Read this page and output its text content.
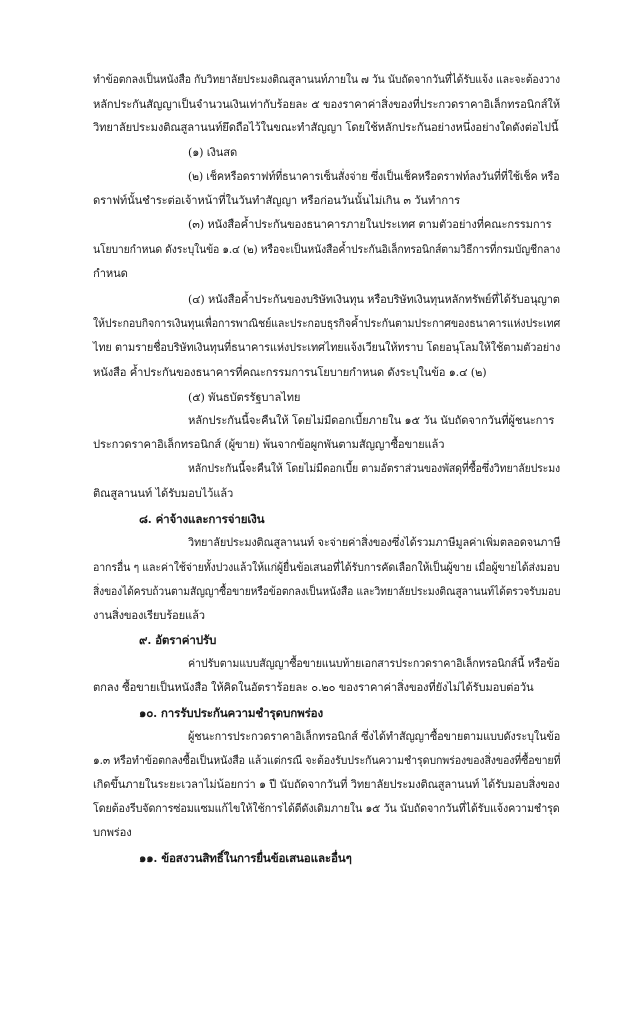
ทำข้อตกลงเป็นหนังสือ กับวิทยาลัยประมงติณสูลานนท์ภายใน ๗ วัน นับถัดจากวันที่ได้รับแจ้ง และจะต้องวาง
หลักประกันสัญญาเป็นจำนวนเงินเท่ากับร้อยละ ๕ ของราคาค่าสิ่งของที่ประกวดราคาอิเล็กทรอนิกส์ให้
วิทยาลัยประมงติณสูลานนท์ยึดถือไว้ในขณะทำสัญญา โดยใช้หลักประกันอย่างหนึ่งอย่างใดดังต่อไปนี้
(๑) เงินสด
(๒) เช็คหรือดราฟท์ที่ธนาคารเซ็นสั่งจ่าย ซึ่งเป็นเช็คหรือดราฟท์ลงวันที่ที่ใช้เช็ค หรือ
ดราฟท์นั้นชำระต่อเจ้าหน้าที่ในวันทำสัญญา หรือก่อนวันนั้นไม่เกิน ๓ วันทำการ
(๓) หนังสือค้ำประกันของธนาคารภายในประเทศ ตามตัวอย่างที่คณะกรรมการ
นโยบายกำหนด ดังระบุในข้อ ๑.๔ (๒) หรือจะเป็นหนังสือค้ำประกันอิเล็กทรอนิกส์ตามวิธีการที่กรมบัญชีกลาง
กำหนด
(๔) หนังสือค้ำประกันของบริษัทเงินทุน หรือบริษัทเงินทุนหลักทรัพย์ที่ได้รับอนุญาต
ให้ประกอบกิจการเงินทุนเพื่อการพาณิชย์และประกอบธุรกิจค้ำประกันตามประกาศของธนาคารแห่งประเทศ
ไทย ตามรายชื่อบริษัทเงินทุนที่ธนาคารแห่งประเทศไทยแจ้งเวียนให้ทราบ โดยอนุโลมให้ใช้ตามตัวอย่าง
หนังสือ ค้ำประกันของธนาคารที่คณะกรรมการนโยบายกำหนด ดังระบุในข้อ ๑.๔ (๒)
(๕) พันธบัตรรัฐบาลไทย
หลักประกันนี้จะคืนให้ โดยไม่มีดอกเบี้ยภายใน ๑๕ วัน นับถัดจากวันที่ผู้ชนะการ
ประกวดราคาอิเล็กทรอนิกส์ (ผู้ขาย) พ้นจากข้อผูกพันตามสัญญาซื้อขายแล้ว
หลักประกันนี้จะคืนให้ โดยไม่มีดอกเบี้ย ตามอัตราส่วนของพัสดุที่ซื้อซึ่งวิทยาลัยประมง
ติณสูลานนท์ ได้รับมอบไว้แล้ว
๘. ค่าจ้างและการจ่ายเงิน
วิทยาลัยประมงติณสูลานนท์ จะจ่ายค่าสิ่งของซึ่งได้รวมภาษีมูลค่าเพิ่มตลอดจนภาษี
อากรอื่น ๆ และค่าใช้จ่ายทั้งปวงแล้วให้แก่ผู้ยื่นข้อเสนอที่ได้รับการคัดเลือกให้เป็นผู้ขาย เมื่อผู้ขายได้ส่งมอบ
สิ่งของได้ครบถ้วนตามสัญญาซื้อขายหรือข้อตกลงเป็นหนังสือ และวิทยาลัยประมงติณสูลานนท์ได้ตรวจรับมอบ
งานสิ่งของเรียบร้อยแล้ว
๙. อัตราค่าปรับ
ค่าปรับตามแบบสัญญาซื้อขายแนบท้ายเอกสารประกวดราคาอิเล็กทรอนิกส์นี้ หรือข้อ
ตกลง ซื้อขายเป็นหนังสือ ให้คิดในอัตราร้อยละ ๐.๒๐ ของราคาค่าสิ่งของที่ยังไม่ได้รับมอบต่อวัน
๑๐. การรับประกันความชำรุดบกพร่อง
ผู้ชนะการประกวดราคาอิเล็กทรอนิกส์ ซึ่งได้ทำสัญญาซื้อขายตามแบบดังระบุในข้อ
๑.๓ หรือทำข้อตกลงซื้อเป็นหนังสือ แล้วแต่กรณี จะต้องรับประกันความชำรุดบกพร่องของสิ่งของที่ซื้อขายที่
เกิดขึ้นภายในระยะเวลาไม่น้อยกว่า ๑ ปี นับถัดจากวันที่ วิทยาลัยประมงติณสูลานนท์ ได้รับมอบสิ่งของ
โดยต้องรีบจัดการซ่อมแซมแก้ไขให้ใช้การได้ดีดังเดิมภายใน ๑๕ วัน นับถัดจากวันที่ได้รับแจ้งความชำรุด
บกพร่อง
๑๑. ข้อสงวนสิทธิ์ในการยื่นข้อเสนอและอื่นๆ
